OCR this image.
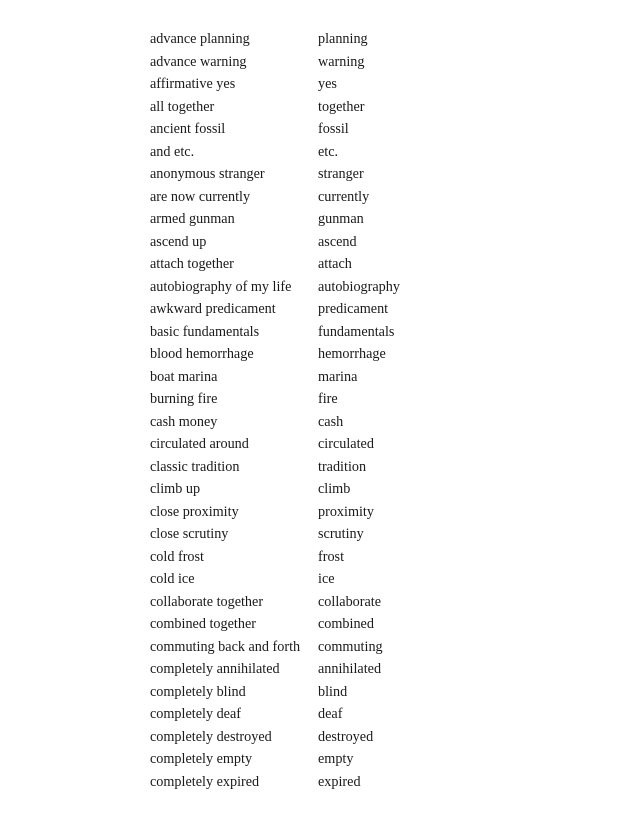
advance planning	planning
advance warning	warning
affirmative yes	yes
all together	together
ancient fossil	fossil
and etc.	etc.
anonymous stranger	stranger
are now currently	currently
armed gunman	gunman
ascend up	ascend
attach together	attach
autobiography of my life	autobiography
awkward predicament	predicament
basic fundamentals	fundamentals
blood hemorrhage	hemorrhage
boat marina	marina
burning fire	fire
cash money	cash
circulated around	circulated
classic tradition	tradition
climb up	climb
close proximity	proximity
close scrutiny	scrutiny
cold frost	frost
cold ice	ice
collaborate together	collaborate
combined together	combined
commuting back and forth	commuting
completely annihilated	annihilated
completely blind	blind
completely deaf	deaf
completely destroyed	destroyed
completely empty	empty
completely expired	expired
